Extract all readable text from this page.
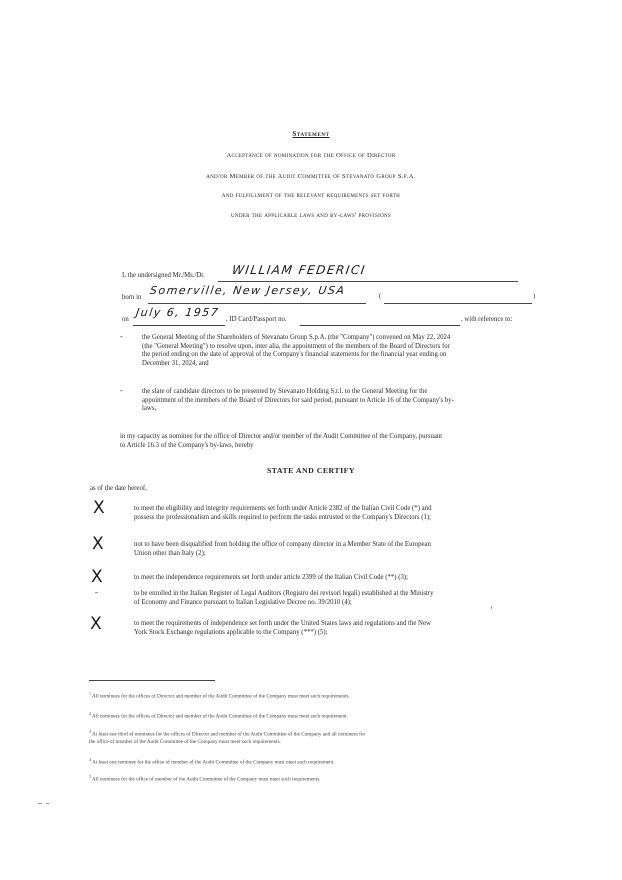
Statement
Acceptance of nomination for the Office of Director
and/or Member of the Audit Committee of Stevanato Group S.p.A.
and fulfillment of the relevant requirements set forth
under the applicable laws and by-laws' provisions
I, the undersigned Mr./Ms./Dr. WILLIAM FEDERICI
born in
Somerville, New Jersey, USA	(	)
on
July 6, 1957
, ID Card/Passport no.	, with reference to:
-	the General Meeting of the Shareholders of Stevanato Group S.p.A. (the "Company") convened on May 22, 2024
(the "General Meeting") to resolve upon, inter alia, the appointment of the members of the Board of Directors for
the period ending on the date of approval of the Company's financial statements for the financial year ending on
December 31, 2024, and
-	the slate of candidate directors to be presented by Stevanato Holding S.r.l. to the General Meeting for the
appointment of the members of the Board of Directors for said period, pursuant to Article 16 of the Company's by-
laws,
in my capacity as nominee for the office of Director and/or member of the Audit Committee of the Company, pursuant
to Article 16.3 of the Company's by-laws, hereby
STATE AND CERTIFY
as of the date hereof,
X	to meet the eligibility and integrity requirements set forth under Article 2382 of the Italian Civil Code (*) and
possess the professionalism and skills required to perform the tasks entrusted to the Company's Directors (1);
X	not to have been disqualified from holding the office of company director in a Member State of the European
Union other than Italy (2);
X	to meet the independence requirements set forth under article 2399 of the Italian Civil Code (**) (3);
to be enrolled in the Italian Register of Legal Auditors (Registro dei revisori legali) established at the Ministry
of Economy and Finance pursuant to Italian Legislative Decree no. 39/2010 (4);
X	to meet the requirements of independence set forth under the United States laws and regulations and the New
York Stock Exchange regulations applicable to the Company (***) (5);
$^1$ All nominees for the offices of Director and member of the Audit Committee of the Company must meet such requirements.
$^2$ All nominees for the offices of Director and member of the Audit Committee of the Company must meet such requirement.
$^3$ At least one third of nominees for the offices of Director and member of the Audit Committee of the Company and all nominees for
the office of member of the Audit Committee of the Company must meet such requirements.
$^4$ At least one nominee for the office of member of the Audit Committee of the Company must meet such requirement.
$^5$ All nominees for the office of member of the Audit Committee of the Company must meet such requirements.
